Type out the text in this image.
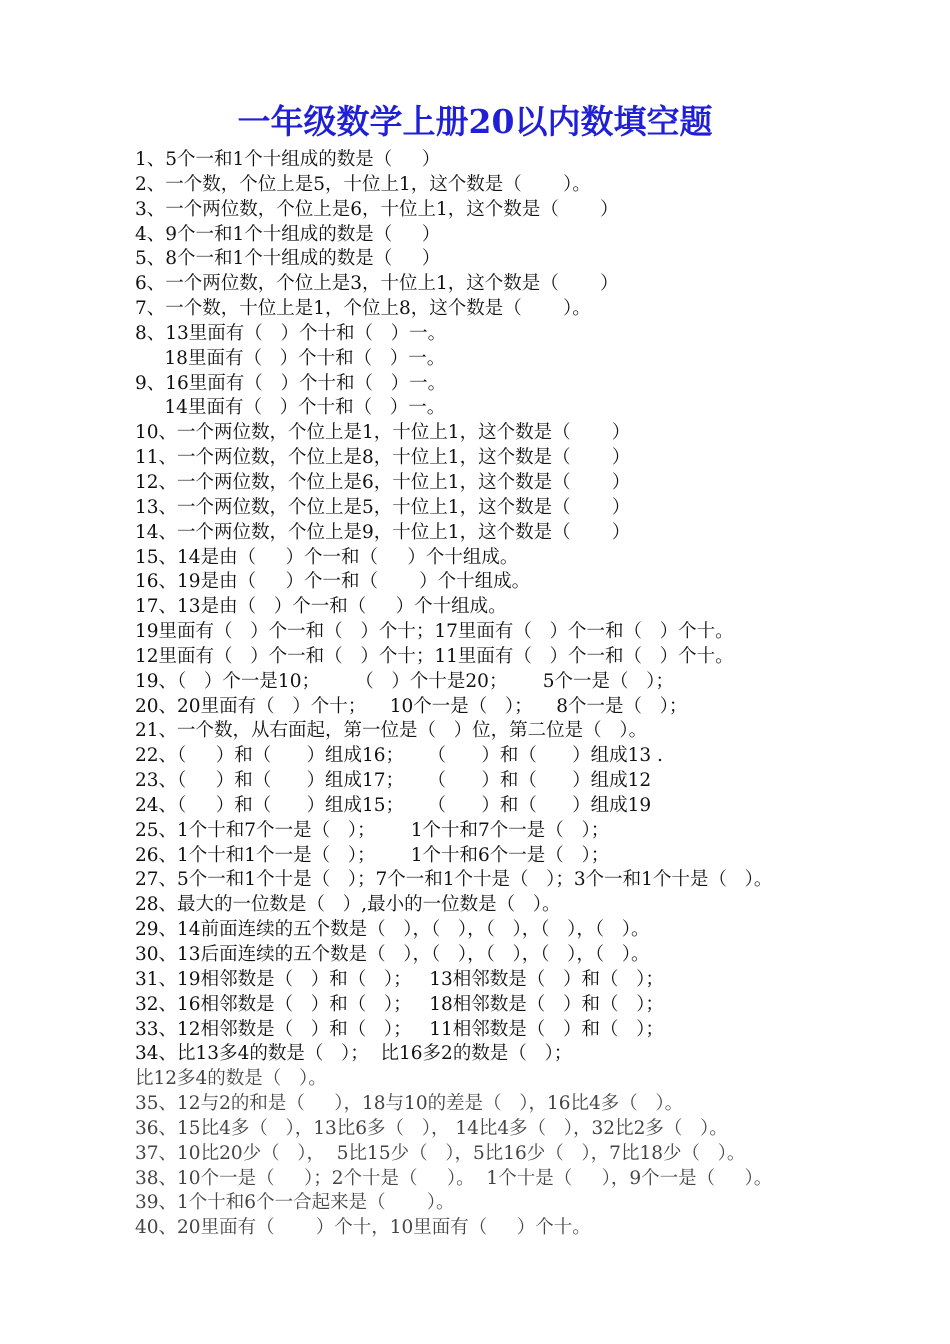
一年级数学上册20以内数填空题
1、5个一和1个十组成的数是（     ）
2、一个数，个位上是5，十位上1，这个数是（       ）。
3、一个两位数，个位上是6，十位上1，这个数是（       ）
4、9个一和1个十组成的数是（     ）
5、8个一和1个十组成的数是（     ）
6、一个两位数，个位上是3，十位上1，这个数是（       ）
7、一个数，十位上是1，个位上8，这个数是（       ）。
8、13里面有（   ）个十和（   ）一。
18里面有（   ）个十和（   ）一。
9、16里面有（   ）个十和（   ）一。
14里面有（   ）个十和（   ）一。
10、一个两位数，个位上是1，十位上1，这个数是（       ）
11、一个两位数，个位上是8，十位上1，这个数是（       ）
12、一个两位数，个位上是6，十位上1，这个数是（       ）
13、一个两位数，个位上是5，十位上1，这个数是（       ）
14、一个两位数，个位上是9，十位上1，这个数是（       ）
15、14是由（     ）个一和（     ）个十组成。
16、19是由（     ）个一和（       ）个十组成。
17、13是由（   ）个一和（     ）个十组成。
19里面有（   ）个一和（   ）个十；17里面有（   ）个一和（   ）个十。
12里面有（   ）个一和（   ）个十；11里面有（   ）个一和（   ）个十。
19、（   ）个一是10；      （   ）个十是20；      5个一是（   ）；
20、20里面有（   ）个十；    10个一是（   ）；    8个一是（   ）；
21、一个数，从右面起，第一位是（   ）位，第二位是（   ）。
22、（     ）和（      ）组成16；    （      ）和（      ）组成13 .
23、（     ）和（      ）组成17；    （      ）和（      ）组成12
24、（     ）和（      ）组成15；    （      ）和（      ）组成19
25、1个十和7个一是（   ）；      1个十和7个一是（   ）；
26、1个十和1个一是（   ）；      1个十和6个一是（   ）；
27、5个一和1个十是（   ）；7个一和1个十是（   ）；3个一和1个十是（   ）。
28、最大的一位数是（   ）,最小的一位数是（   ）。
29、14前面连续的五个数是（   ），（   ），（   ），（   ），（   ）。
30、13后面连续的五个数是（   ），（   ），（   ），（   ），（   ）。
31、19相邻数是（   ）和（   ）；   13相邻数是（   ）和（   ）；
32、16相邻数是（   ）和（   ）；   18相邻数是（   ）和（   ）；
33、12相邻数是（   ）和（   ）；   11相邻数是（   ）和（   ）；
34、比13多4的数是（   ）；  比16多2的数是（   ）；
比12多4的数是（   ）。
35、12与2的和是（     ），18与10的差是（   ），16比4多（   ）。
36、15比4多（   ），13比6多（   ）， 14比4多（   ），32比2多（   ）。
37、10比20少（   ），  5比15少（   ），5比16少（   ），7比18少（   ）。
38、10个一是（     ）；2个十是（     ）。  1个十是（     ），9个一是（     ）。
39、1个十和6个一合起来是（       ）。
40、20里面有（       ）个十，10里面有（     ）个十。
